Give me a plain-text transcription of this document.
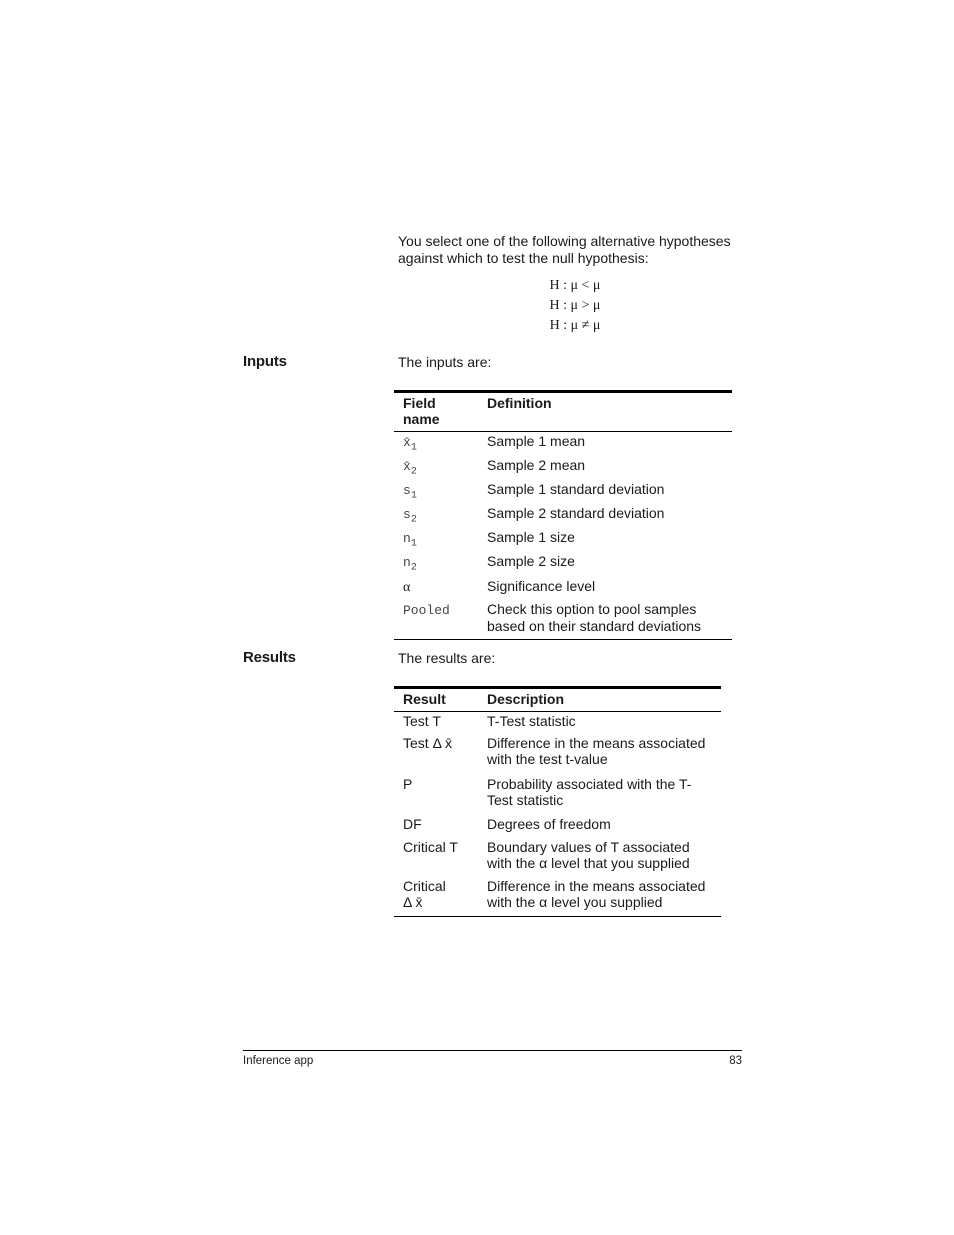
You select one of the following alternative hypotheses
against which to test the null hypothesis:
H : μ < μ
H : μ > μ
H : μ ≠ μ
Inputs	The inputs are:
Field name	Definition
$x̄_1$	Sample 1 mean
$x̄_2$	Sample 2 mean
$s_1$	Sample 1 standard deviation
$s_2$	Sample 2 standard deviation
$n_1$	Sample 1 size
$n_2$	Sample 2 size
α	Significance level
Pooled	Check this option to pool samples based on their standard deviations
Results	The results are:
Result	Description
Test T	T-Test statistic
Test Δ x̄	Difference in the means associated with the test t-value
P	Probability associated with the T-Test statistic
DF	Degrees of freedom
Critical T	Boundary values of T associated with the α level that you supplied
Critical Δ x̄	Difference in the means associated with the α level you supplied
Inference app	83
